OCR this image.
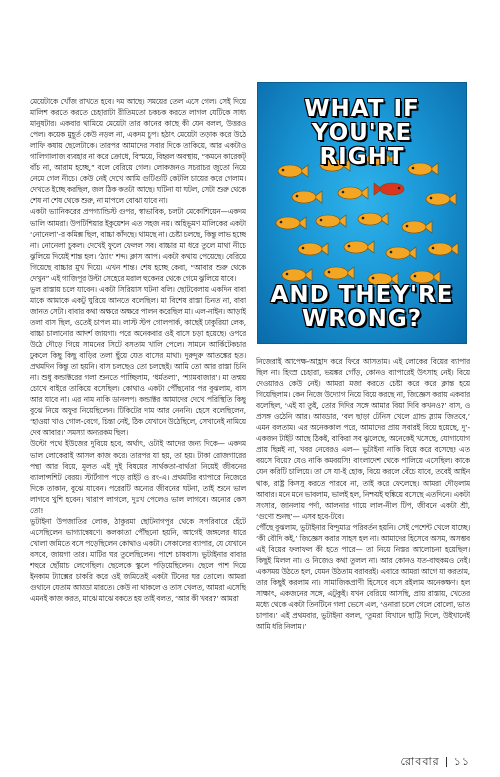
মেয়েটাকে খোঁজ রাখতে হবে। দম আছে। সময়ের তেল এসে গেল। সেই দিয়ে মালিশ করতে করতে চেহারাটা রীতিমতো চকচক করতে লাগল যেটিকে সাধ্য মানুষটার। একবার থামিয়ে মেয়েটা তার কানের কাছে কী যেন বলল, উত্তরও পেল। কয়েক মুহূর্ত কেউ নড়ল না, একদম চুপ। হঠাৎ মেয়েটা তড়াক করে উঠে লাফি কষায় ছেলেটাকে। তারপর আমাদের সবার দিকে তাকিয়ে, আর একটাও গালিগালাজ ব্যবহার না করে ক্রোধে, বিস্ময়ে, বিহ্বল অবস্থায়, “কমনে কারেকট্‌ বাঁচ না, আরাম হচ্ছে,” বলে বেরিয়ে গেল। লোকজনও সচরাচর জুতো নিয়ে নেমে গেল নীচে। কেউ নেই দেখে আমি গুটিগুটি কেটলি চায়ের করে গেলাম। দেখতে ইচ্ছে করছিল, জল ঠিক কতটা আছে। ঘটিনা যা ঘটল, সেটা শুরু থেকে শেষ না শেষ থেকে শুরু, না মাপলে বোঝা যাবে না।

একটা ভ্যানিকরের প্রপগ্যান্ডিস্ট গুপর, স্বাভাবিক, চলটা মেকোশিয়েন—একদম ভালি আমরা। উপটিশিয়ার ইকুয়েশন এত সহজ নয়। অহিভূমণ মালিকের একটা ‘নোনেলা’-র কমিক্স ছিল, বাচ্চা কাঁদছে। থামছে না। চেষ্টা চলছে, কিন্তু লাভ হচ্ছে না। নোনেলা চুকল। দেখেই ফুলে ফেলল সব। বাচ্চার মা ধরে তুলে মাথা নীচে ঝুলিয়ে দিয়েই শান্ত হল। ‘ঠ্যাং’ শব্দ। ক্লাস আপ। একটা কথায় পেয়েছে। বেরিয়ে গিয়েছে বাচ্চার মুখ দিয়ে। এখন শান্ত। শেষ হচ্ছে কেবা, “আবার শুরু থেকে দেখুন” এই গাজিপুর উল্টা সেহেরে মরাল হুকেনর থেকে গেমে ঝুলিয়ে যাবে।

ভুল রাস্তায় চলে যাবেন। একটা সিরিয়াস ঘটনা বলি। ছোটবেলায় একদিন বাবা মাকে আমাকে একটু ঘুরিয়ে আনতে বলেছিল। মা বিশেষ রাস্তা চিনত না, বাবা জানত সেটা। বাবার কথা অক্ষরে অক্ষরে পালন করেছিল মা। এল-নাইন। আড়াই তলা বাস ছিল, ওতেই চাপল মা। লাস্ট স্টপ গোলপার্ক, কাছেই ঢাকুরিয়া লেক, বাচ্চা চালানোর আদর্শ জায়গা। পরে অনেকবার ওই বাসে চড়া হয়েছে। ওপরে উঠে দৌড়ে গিয়ে সামনের সিটে বসতাম খালি পেলে। সামনে আর্কিটেকচার ঢুকলে কিছু কিছু বাড়ির তলা ছুঁয়ে যেত বাসের মাথা। দুরুদুরু আতঙ্কের হত। প্রথমদিন কিন্তু তা হয়নি। বাস চলছেও তো চলছেই। আমি তো আর রাস্তা চিনি না। শুধু কন্ডাক্টরের গলা শুনতে পাচ্ছিলাম, ‘ধর্মতলা’, ‘শ্যামবাজার’। মা তন্ময় চোখে বাইরে তাকিয়ে বসেছিল। কোথাও একটা পৌঁছনোর পর বুঝলাম, বাস আর যাবে না। এর নাম নাকি ডানলপ। কন্ডাক্টর আমাদের দেখে পরিস্থিতি কিছু বুঝে নিয়ে অফুর নিয়েছিলেন। টিকিটের দাম আর নেননি। হেসে বলেছিলেন, ‘হাওয়া খাও গোল-বেগে, চিন্তা নেই, ঠিক যেখানে উঠেছিলে, সেখানেই নামিয়ে দেব আবার।’ সমস্যা অন্যরকম ছিল।

উল্টো পথে ইউজের দুবিয়ে হবে, অর্থাৎ, ওটাই আদের জন্য দিকে— একদম ভাল লোকেরাই আসল কাজ করে। তারপর যা হয়, তা হয়। টাকা রোজগারের পন্থা আর বিয়ে, মূলত এই দুই বিষয়ের সার্থকতা-বার্থতা নিয়েই জীবনের ব্যালান্সশিট বেরয়। স্টার্টগাপ পড়ে রাইট ও রং-এ। প্রথমটির ব্যাপারে নিজেরে দিকে তাকান, বুঝে যাবেন। পরেরটি অন্যের জীবনের ঘটনা, তাই শুনে ভাল লাগবে খুশি হবেন। খারাপ লাগলে, দুঃখ পেলেও ভাল লাগবে। অন্যের কেস তো!

ভুটাইনা উপজাতির লোক, ঠাকুরমা ছোটনাগপুর থেকে সপরিবারে হেঁটে এসেছিলেন ভাগ্যান্বেষণে। কলকাতা পৌঁছনো হয়নি, আগেই জঙ্গলের ধারে খোলা জমিতে বসে পড়েছিলেন কোথাও একটা। সেকালের ব্যাপার, যে যেখানে বসবে, জায়গা তার। মাটির ঘর তুলেছিলেন। পাশে চাষবাস। ভুটাইনার বাবার শহুরে ছোঁয়াচ লেগেছিল। ছেলেকে স্কুলে পড়িয়েছিলেন। ছেলে পাশ দিয়ে ইনকাম ট্যাক্সের চাকরি করে ওই জমিতেই একটা টিনের ঘর তোলে। আমরা গুথানে যেতাম আড্ডা মারতে। কেউ না থাকলে ও তাস খেলত, আমরা এসেছি এমনই কাজ করত, মাঝে মাঝে বকতে হয় তাই বলত, ‘আর কী খবর?’ আমরা

WHAT IF YOU'RE RIGHT
AND THEY'RE WRONG?

নিজেরাই আপেক্ষ-আহ্লাদ করে ফিরে আসতাম। এই লোকের বিয়ের ব্যাপার ছিল না। হিংস্র চেহারা, ভয়ঙ্কর গোঁড়, কোনও ব্যাপারেই উৎসাহ নেই। বিয়ে দেওয়ারও কেউ নেই। আমরা মজা করতে চেষ্টা করে করে ক্লান্ত হয়ে গিয়েছিলাম। কেন নিজে উদ্যোগ নিয়ে বিয়ে করছে না, জিজ্ঞেস করায় একবার বলেছিল, ‘এই যা তুই, তোর দিদির সঙ্গে আমার বিয়া দিবি কখনও?’ বাস, ও প্রসঙ্গ ওঠেনি আর। আড্ডার, ‘বল ছাড়া টেনিস খেলে গ্রান্ড স্ল্যাম জিতবে,’ এমন বলতাম। এর অনেককাল পরে, আমাদের প্রায় সবারই বিয়ে হয়েছে, দু’-একজন টাইট আছে ঠিকই, বাকিরা সব ঝুলেছে, অনেকেই খসেছে, যোগাযোগ প্রায় ছিন্নই না, খবর নেবেরও এল— ভুটাইনা নাকি বিয়ে করে বসেছে! এত বয়সে বিয়ে? যেও নাকি কমবয়সি! বাংলাদেশ থেকে পালিয়ে এসেছিল। কাকে যেন করিটি চালিয়ে। তা সে যা-ই হোক, বিয়ে করলে বেঁচে যাবে, তবেই আইন থাক, রাষ্ট্র কিসসু করতে পারবে না, তাই করে ফেলেছে। আমরা দৌড়লাম আবার। মনে মনে ভাবলাম, ভালই হল, নিশ্চয়ই হুঙ্কিয়ে বসেছে এতদিনে। একটা সংসার, জানলায় পর্দা, আলনার গায়ে লাল-নীল টিপ, জীবনে একটা শ্রী, ‘গুণো শুনছ’— এসব হবে-টবে।

পৌঁছে বুঝলাম, ভুটাইনার বিন্দুমাত্র পরিবর্তন হয়নি। সেই পেশেন্ট খেলে যাচ্ছে। ‘কী বৌদি কই,’ জিজ্ঞেস করার সাহস হল না। আমাদের হিসেবে অসম, অসম্ভব এই বিয়ের ফলাফল কী হতে পারে— তা নিয়ে নিস্তর আলোচনা হয়েছিল। কিছুই মিলল না। ও নিজেও কথা তুলল না। আর কোনও যত-বাহুকমও নেই। একসময় উঠতে হল, যেমন উঠতাম বরাবরই। এবারে আমরা আগে যা করতাম, তার কিছুই করলাম না। সামাজিকপ্রাণী হিসেবে বসে রইলাম অনেকক্ষণ। হল সাক্ষাৎ, একজনের সঙ্গে, এটুকুই। যখন বেরিয়ে আসছি, প্রায় রাস্তায়, খেতের মধ্যে থেকে একটা তিনটিনে গলা ভেসে এল, ‘ওনারা চলে গেলে বোলো, ভাত চাপাব।’ এই প্রথমবার, ভুটাইনা বলল, ‘তুমরা যিখানে ছাট্টি দিলে, উইখানেই আমি ধরি নিলাম।’

রোববার ১১
